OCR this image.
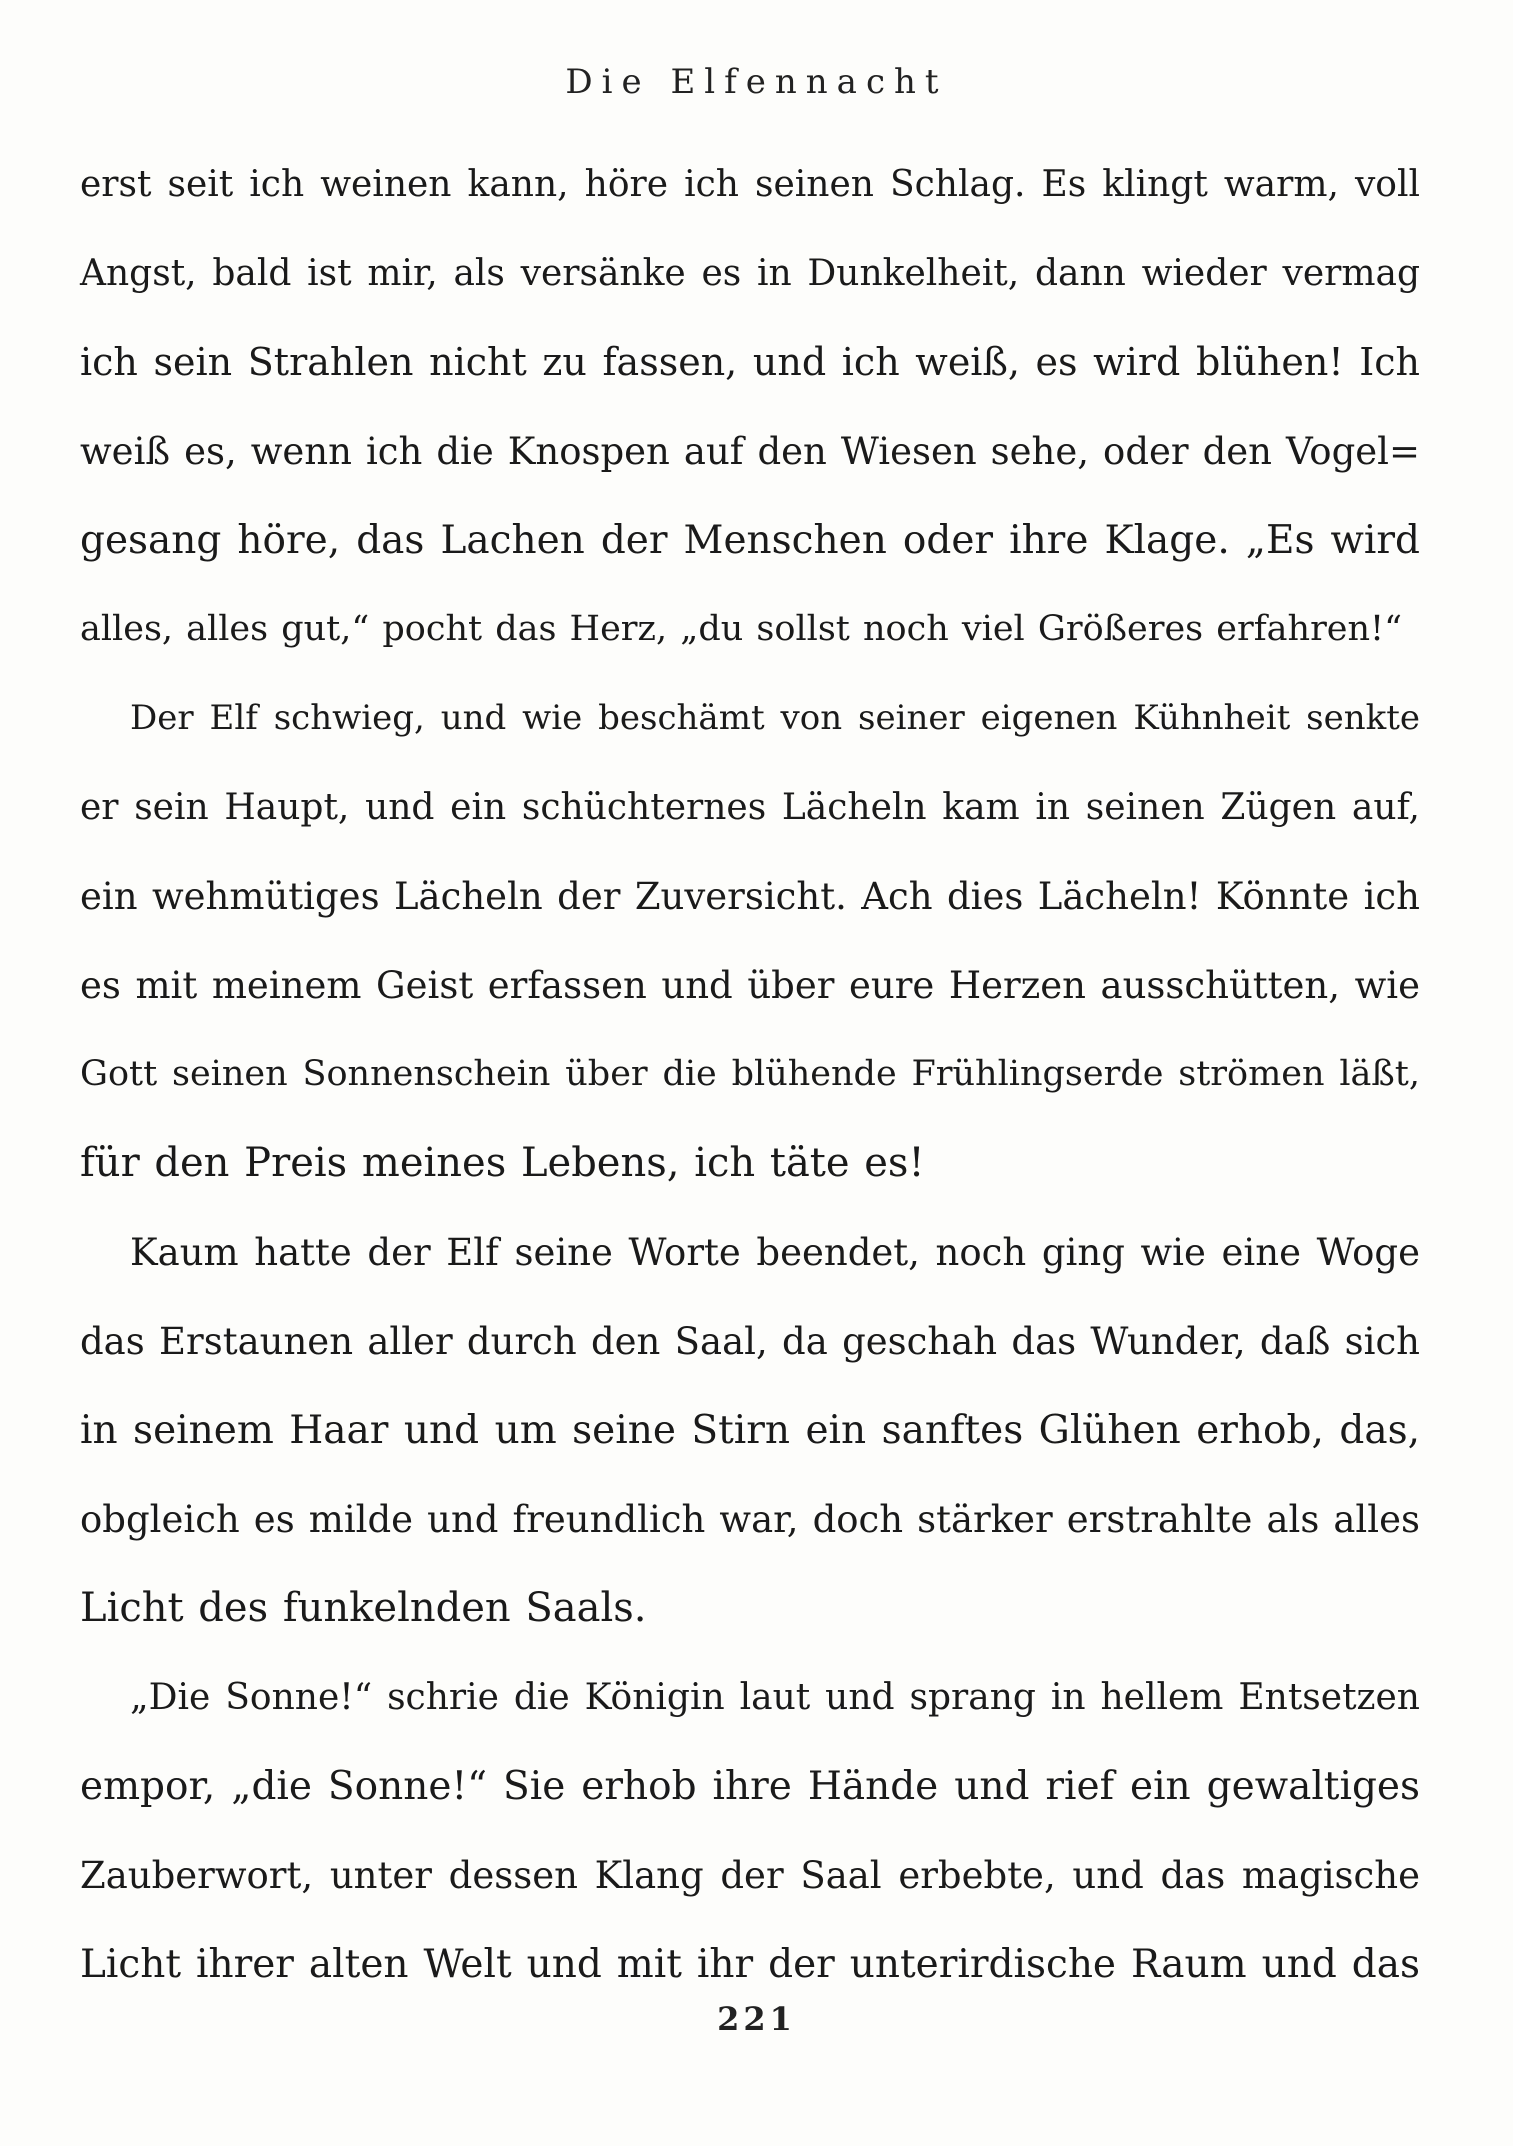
Die Elfennacht
erst seit ich weinen kann, höre ich seinen Schlag. Es klingt warm, voll
Angst, bald ist mir, als versänke es in Dunkelheit, dann wieder vermag
ich sein Strahlen nicht zu fassen, und ich weiß, es wird blühen! Ich
weiß es, wenn ich die Knospen auf den Wiesen sehe, oder den Vogel=
gesang höre, das Lachen der Menschen oder ihre Klage. „Es wird
alles, alles gut,“ pocht das Herz, „du sollst noch viel Größeres erfahren!“
Der Elf schwieg, und wie beschämt von seiner eigenen Kühnheit senkte
er sein Haupt, und ein schüchternes Lächeln kam in seinen Zügen auf,
ein wehmütiges Lächeln der Zuversicht. Ach dies Lächeln! Könnte ich
es mit meinem Geist erfassen und über eure Herzen ausschütten, wie
Gott seinen Sonnenschein über die blühende Frühlingserde strömen läßt,
für den Preis meines Lebens, ich täte es!
Kaum hatte der Elf seine Worte beendet, noch ging wie eine Woge
das Erstaunen aller durch den Saal, da geschah das Wunder, daß sich
in seinem Haar und um seine Stirn ein sanftes Glühen erhob, das,
obgleich es milde und freundlich war, doch stärker erstrahlte als alles
Licht des funkelnden Saals.
„Die Sonne!“ schrie die Königin laut und sprang in hellem Entsetzen
empor, „die Sonne!“ Sie erhob ihre Hände und rief ein gewaltiges
Zauberwort, unter dessen Klang der Saal erbebte, und das magische
Licht ihrer alten Welt und mit ihr der unterirdische Raum und das
221
